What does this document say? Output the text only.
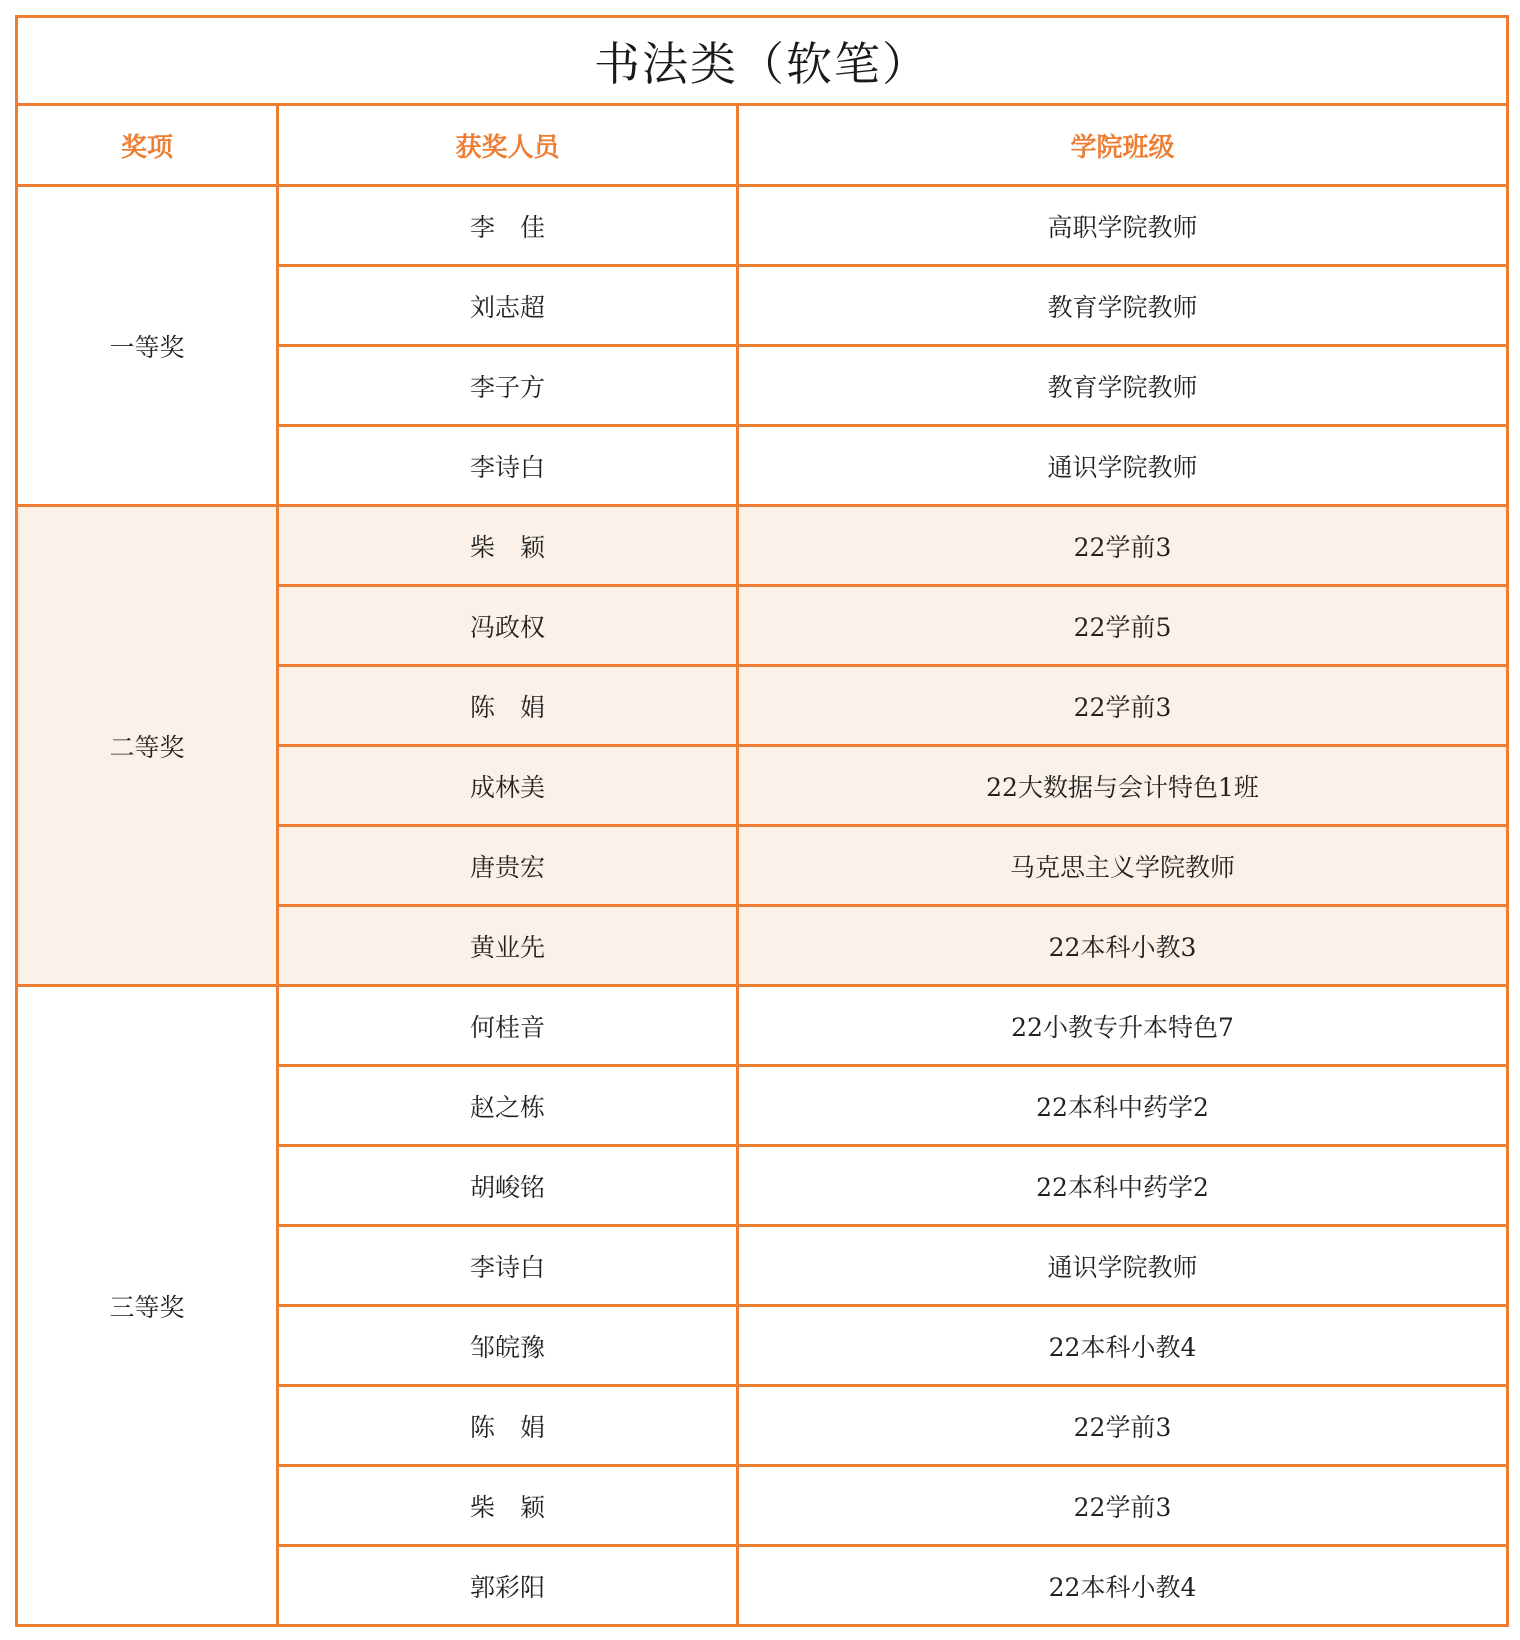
书法类（软笔）		
奖项	获奖人员	学院班级
一等奖	李　佳	高职学院教师
	刘志超	教育学院教师
	李子方	教育学院教师
	李诗白	通识学院教师
二等奖	柴　颖	22学前3
	冯政权	22学前5
	陈　娟	22学前3
	成林美	22大数据与会计特色1班
	唐贵宏	马克思主义学院教师
	黄业先	22本科小教3
三等奖	何桂音	22小教专升本特色7
	赵之栋	22本科中药学2
	胡峻铭	22本科中药学2
	李诗白	通识学院教师
	邹皖豫	22本科小教4
	陈　娟	22学前3
	柴　颖	22学前3
	郭彩阳	22本科小教4
